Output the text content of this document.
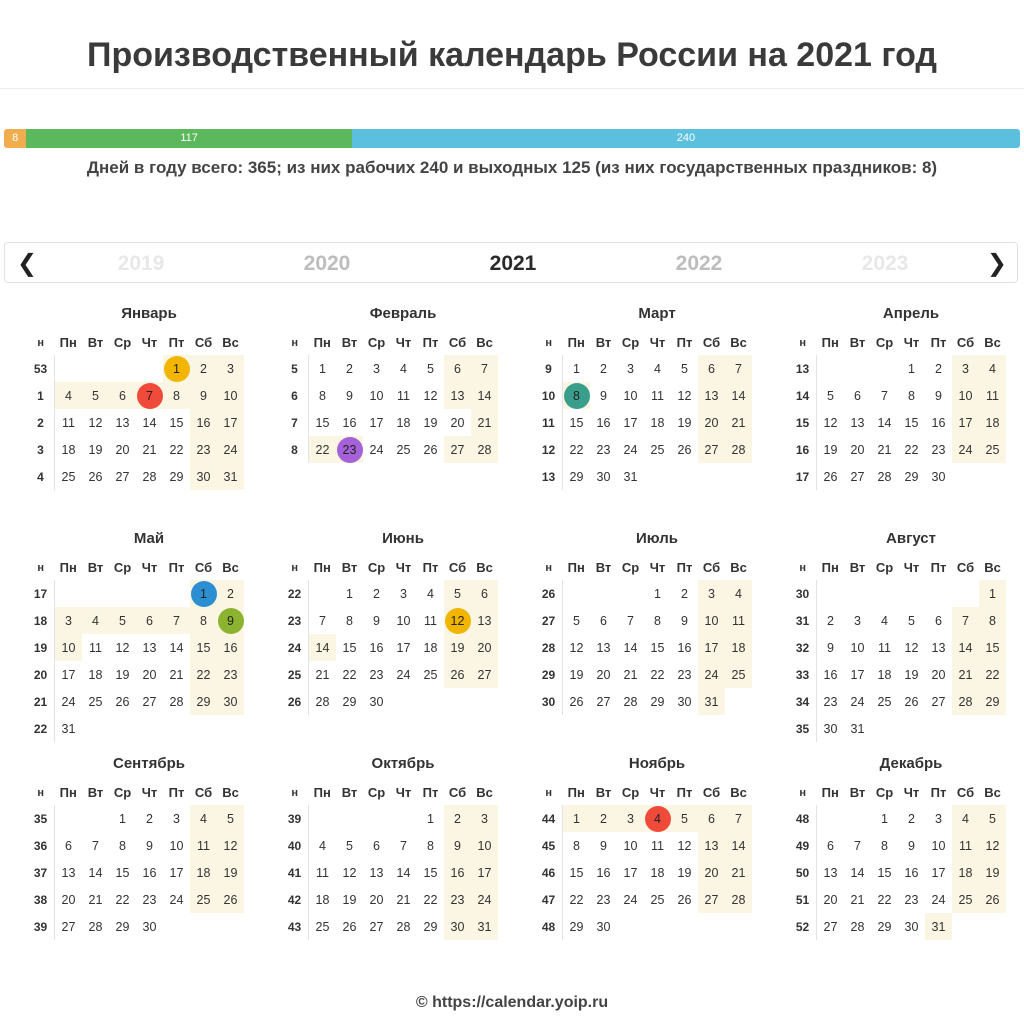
Производственный календарь России на 2021 год
8	117	240
Дней в году всего: 365; из них рабочих 240 и выходных 125 (из них государственных праздников: 8)
❮	2019	2020	2021	2022	2023	❯
Январь
н	Пн	Вт	Ср	Чт	Пт	Сб	Вс
53					1	2	3
1	4	5	6	7	8	9	10
2	11	12	13	14	15	16	17
3	18	19	20	21	22	23	24
4	25	26	27	28	29	30	31
Февраль
н	Пн	Вт	Ср	Чт	Пт	Сб	Вс
5	1	2	3	4	5	6	7
6	8	9	10	11	12	13	14
7	15	16	17	18	19	20	21
8	22	23	24	25	26	27	28
Март
н	Пн	Вт	Ср	Чт	Пт	Сб	Вс
9	1	2	3	4	5	6	7
10	8	9	10	11	12	13	14
11	15	16	17	18	19	20	21
12	22	23	24	25	26	27	28
13	29	30	31				
Апрель
н	Пн	Вт	Ср	Чт	Пт	Сб	Вс
13				1	2	3	4
14	5	6	7	8	9	10	11
15	12	13	14	15	16	17	18
16	19	20	21	22	23	24	25
17	26	27	28	29	30		
Май
н	Пн	Вт	Ср	Чт	Пт	Сб	Вс
17						1	2
18	3	4	5	6	7	8	9
19	10	11	12	13	14	15	16
20	17	18	19	20	21	22	23
21	24	25	26	27	28	29	30
22	31						
Июнь
н	Пн	Вт	Ср	Чт	Пт	Сб	Вс
22		1	2	3	4	5	6
23	7	8	9	10	11	12	13
24	14	15	16	17	18	19	20
25	21	22	23	24	25	26	27
26	28	29	30				
Июль
н	Пн	Вт	Ср	Чт	Пт	Сб	Вс
26				1	2	3	4
27	5	6	7	8	9	10	11
28	12	13	14	15	16	17	18
29	19	20	21	22	23	24	25
30	26	27	28	29	30	31	
Август
н	Пн	Вт	Ср	Чт	Пт	Сб	Вс
30							1
31	2	3	4	5	6	7	8
32	9	10	11	12	13	14	15
33	16	17	18	19	20	21	22
34	23	24	25	26	27	28	29
35	30	31					
Сентябрь
н	Пн	Вт	Ср	Чт	Пт	Сб	Вс
35			1	2	3	4	5
36	6	7	8	9	10	11	12
37	13	14	15	16	17	18	19
38	20	21	22	23	24	25	26
39	27	28	29	30			
Октябрь
н	Пн	Вт	Ср	Чт	Пт	Сб	Вс
39					1	2	3
40	4	5	6	7	8	9	10
41	11	12	13	14	15	16	17
42	18	19	20	21	22	23	24
43	25	26	27	28	29	30	31
Ноябрь
н	Пн	Вт	Ср	Чт	Пт	Сб	Вс
44	1	2	3	4	5	6	7
45	8	9	10	11	12	13	14
46	15	16	17	18	19	20	21
47	22	23	24	25	26	27	28
48	29	30					
Декабрь
н	Пн	Вт	Ср	Чт	Пт	Сб	Вс
48			1	2	3	4	5
49	6	7	8	9	10	11	12
50	13	14	15	16	17	18	19
51	20	21	22	23	24	25	26
52	27	28	29	30	31		
© https://calendar.yoip.ru
